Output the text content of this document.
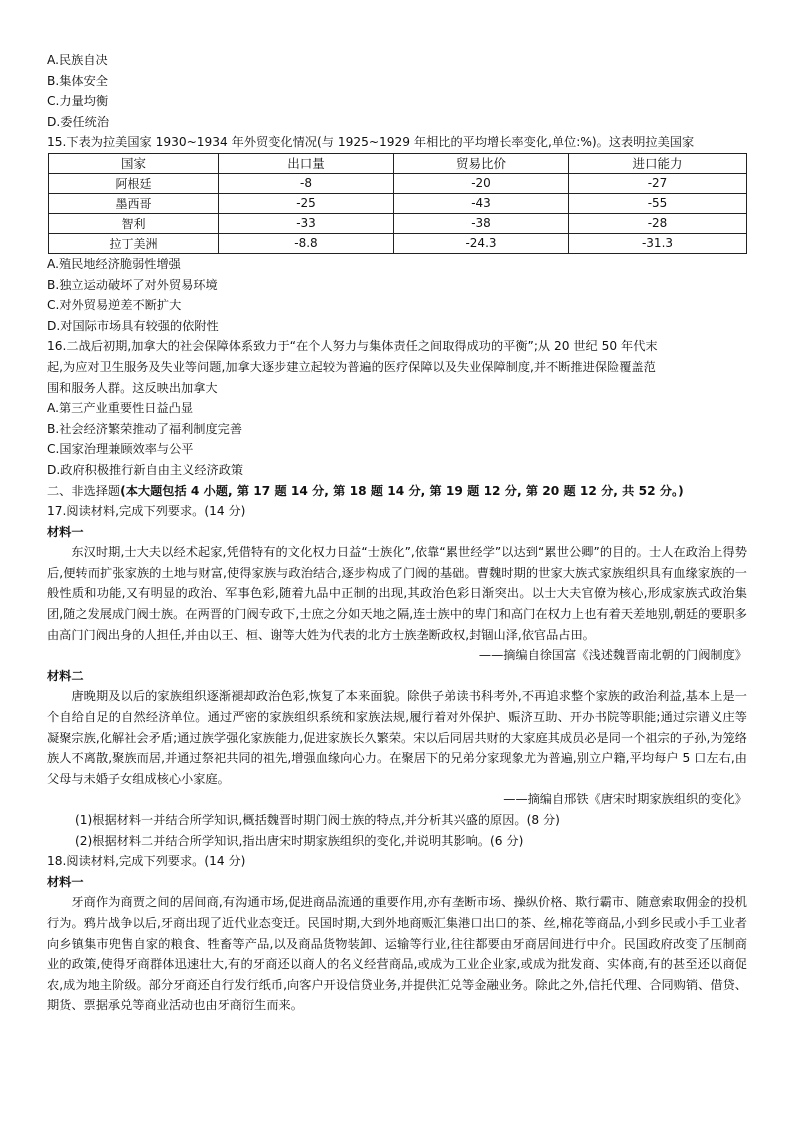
A.民族自决
B.集体安全
C.力量均衡
D.委任统治
15.下表为拉美国家 1930~1934 年外贸变化情况(与 1925~1929 年相比的平均增长率变化,单位:%)。这表明拉美国家
国家	出口量	贸易比价	进口能力
阿根廷	-8	-20	-27
墨西哥	-25	-43	-55
智利	-33	-38	-28
拉丁美洲	-8.8	-24.3	-31.3
A.殖民地经济脆弱性增强
B.独立运动破坏了对外贸易环境
C.对外贸易逆差不断扩大
D.对国际市场具有较强的依附性
16.二战后初期,加拿大的社会保障体系致力于“在个人努力与集体责任之间取得成功的平衡”;从 20 世纪 50 年代末
起,为应对卫生服务及失业等问题,加拿大逐步建立起较为普遍的医疗保障以及失业保障制度,并不断推进保险覆盖范
围和服务人群。这反映出加拿大
A.第三产业重要性日益凸显
B.社会经济繁荣推动了福利制度完善
C.国家治理兼顾效率与公平
D.政府积极推行新自由主义经济政策
二、非选择题(本大题包括 4 小题, 第 17 题 14 分, 第 18 题 14 分, 第 19 题 12 分, 第 20 题 12 分, 共 52 分。)
17.阅读材料,完成下列要求。(14 分)
材料一

东汉时期,士大夫以经术起家,凭借特有的文化权力日益“士族化”,依靠“累世经学”以达到“累世公卿”的目的。士人在政治上得势后,便转而扩张家族的土地与财富,使得家族与政治结合,逐步构成了门阀的基础。曹魏时期的世家大族式家族组织具有血缘家族的一般性质和功能,又有明显的政治、军事色彩,随着九品中正制的出现,其政治色彩日渐突出。以士大夫官僚为核心,形成家族式政治集团,随之发展成门阀士族。在两晋的门阀专政下,士庶之分如天地之隔,连士族中的卑门和高门在权力上也有着天差地别,朝廷的要职多由高门门阀出身的人担任,并由以王、桓、谢等大姓为代表的北方士族垄断政权,封锢山泽,依官品占田。

——摘编自徐国富《浅述魏晋南北朝的门阀制度》
材料二

唐晚期及以后的家族组织逐渐褪却政治色彩,恢复了本来面貌。除供子弟读书科考外,不再追求整个家族的政治利益,基本上是一个自给自足的自然经济单位。通过严密的家族组织系统和家族法规,履行着对外保护、赈济互助、开办书院等职能;通过宗谱义庄等凝聚宗族,化解社会矛盾;通过族学强化家族能力,促进家族长久繁荣。宋以后同居共财的大家庭其成员必是同一个祖宗的子孙,为笼络族人不离散,聚族而居,并通过祭祀共同的祖先,增强血缘向心力。在聚居下的兄弟分家现象尤为普遍,别立户籍,平均每户 5 口左右,由父母与未婚子女组成核心小家庭。

——摘编自邢铁《唐宋时期家族组织的变化》
(1)根据材料一并结合所学知识,概括魏晋时期门阀士族的特点,并分析其兴盛的原因。(8 分)
(2)根据材料二并结合所学知识,指出唐宋时期家族组织的变化,并说明其影响。(6 分)
18.阅读材料,完成下列要求。(14 分)
材料一

牙商作为商贾之间的居间商,有沟通市场,促进商品流通的重要作用,亦有垄断市场、操纵价格、欺行霸市、随意索取佣金的投机行为。鸦片战争以后,牙商出现了近代业态变迁。民国时期,大到外地商贩汇集港口出口的茶、丝,棉花等商品,小到乡民或小手工业者向乡镇集市兜售自家的粮食、牲畜等产品,以及商品货物装卸、运输等行业,往往都要由牙商居间进行中介。民国政府改变了压制商业的政策,使得牙商群体迅速壮大,有的牙商还以商人的名义经营商品,或成为工业企业家,或成为批发商、实体商,有的甚至还以商促农,成为地主阶级。部分牙商还自行发行纸币,向客户开设信贷业务,并提供汇兑等金融业务。除此之外,信托代理、合同购销、借贷、期货、票据承兑等商业活动也由牙商衍生而来。
